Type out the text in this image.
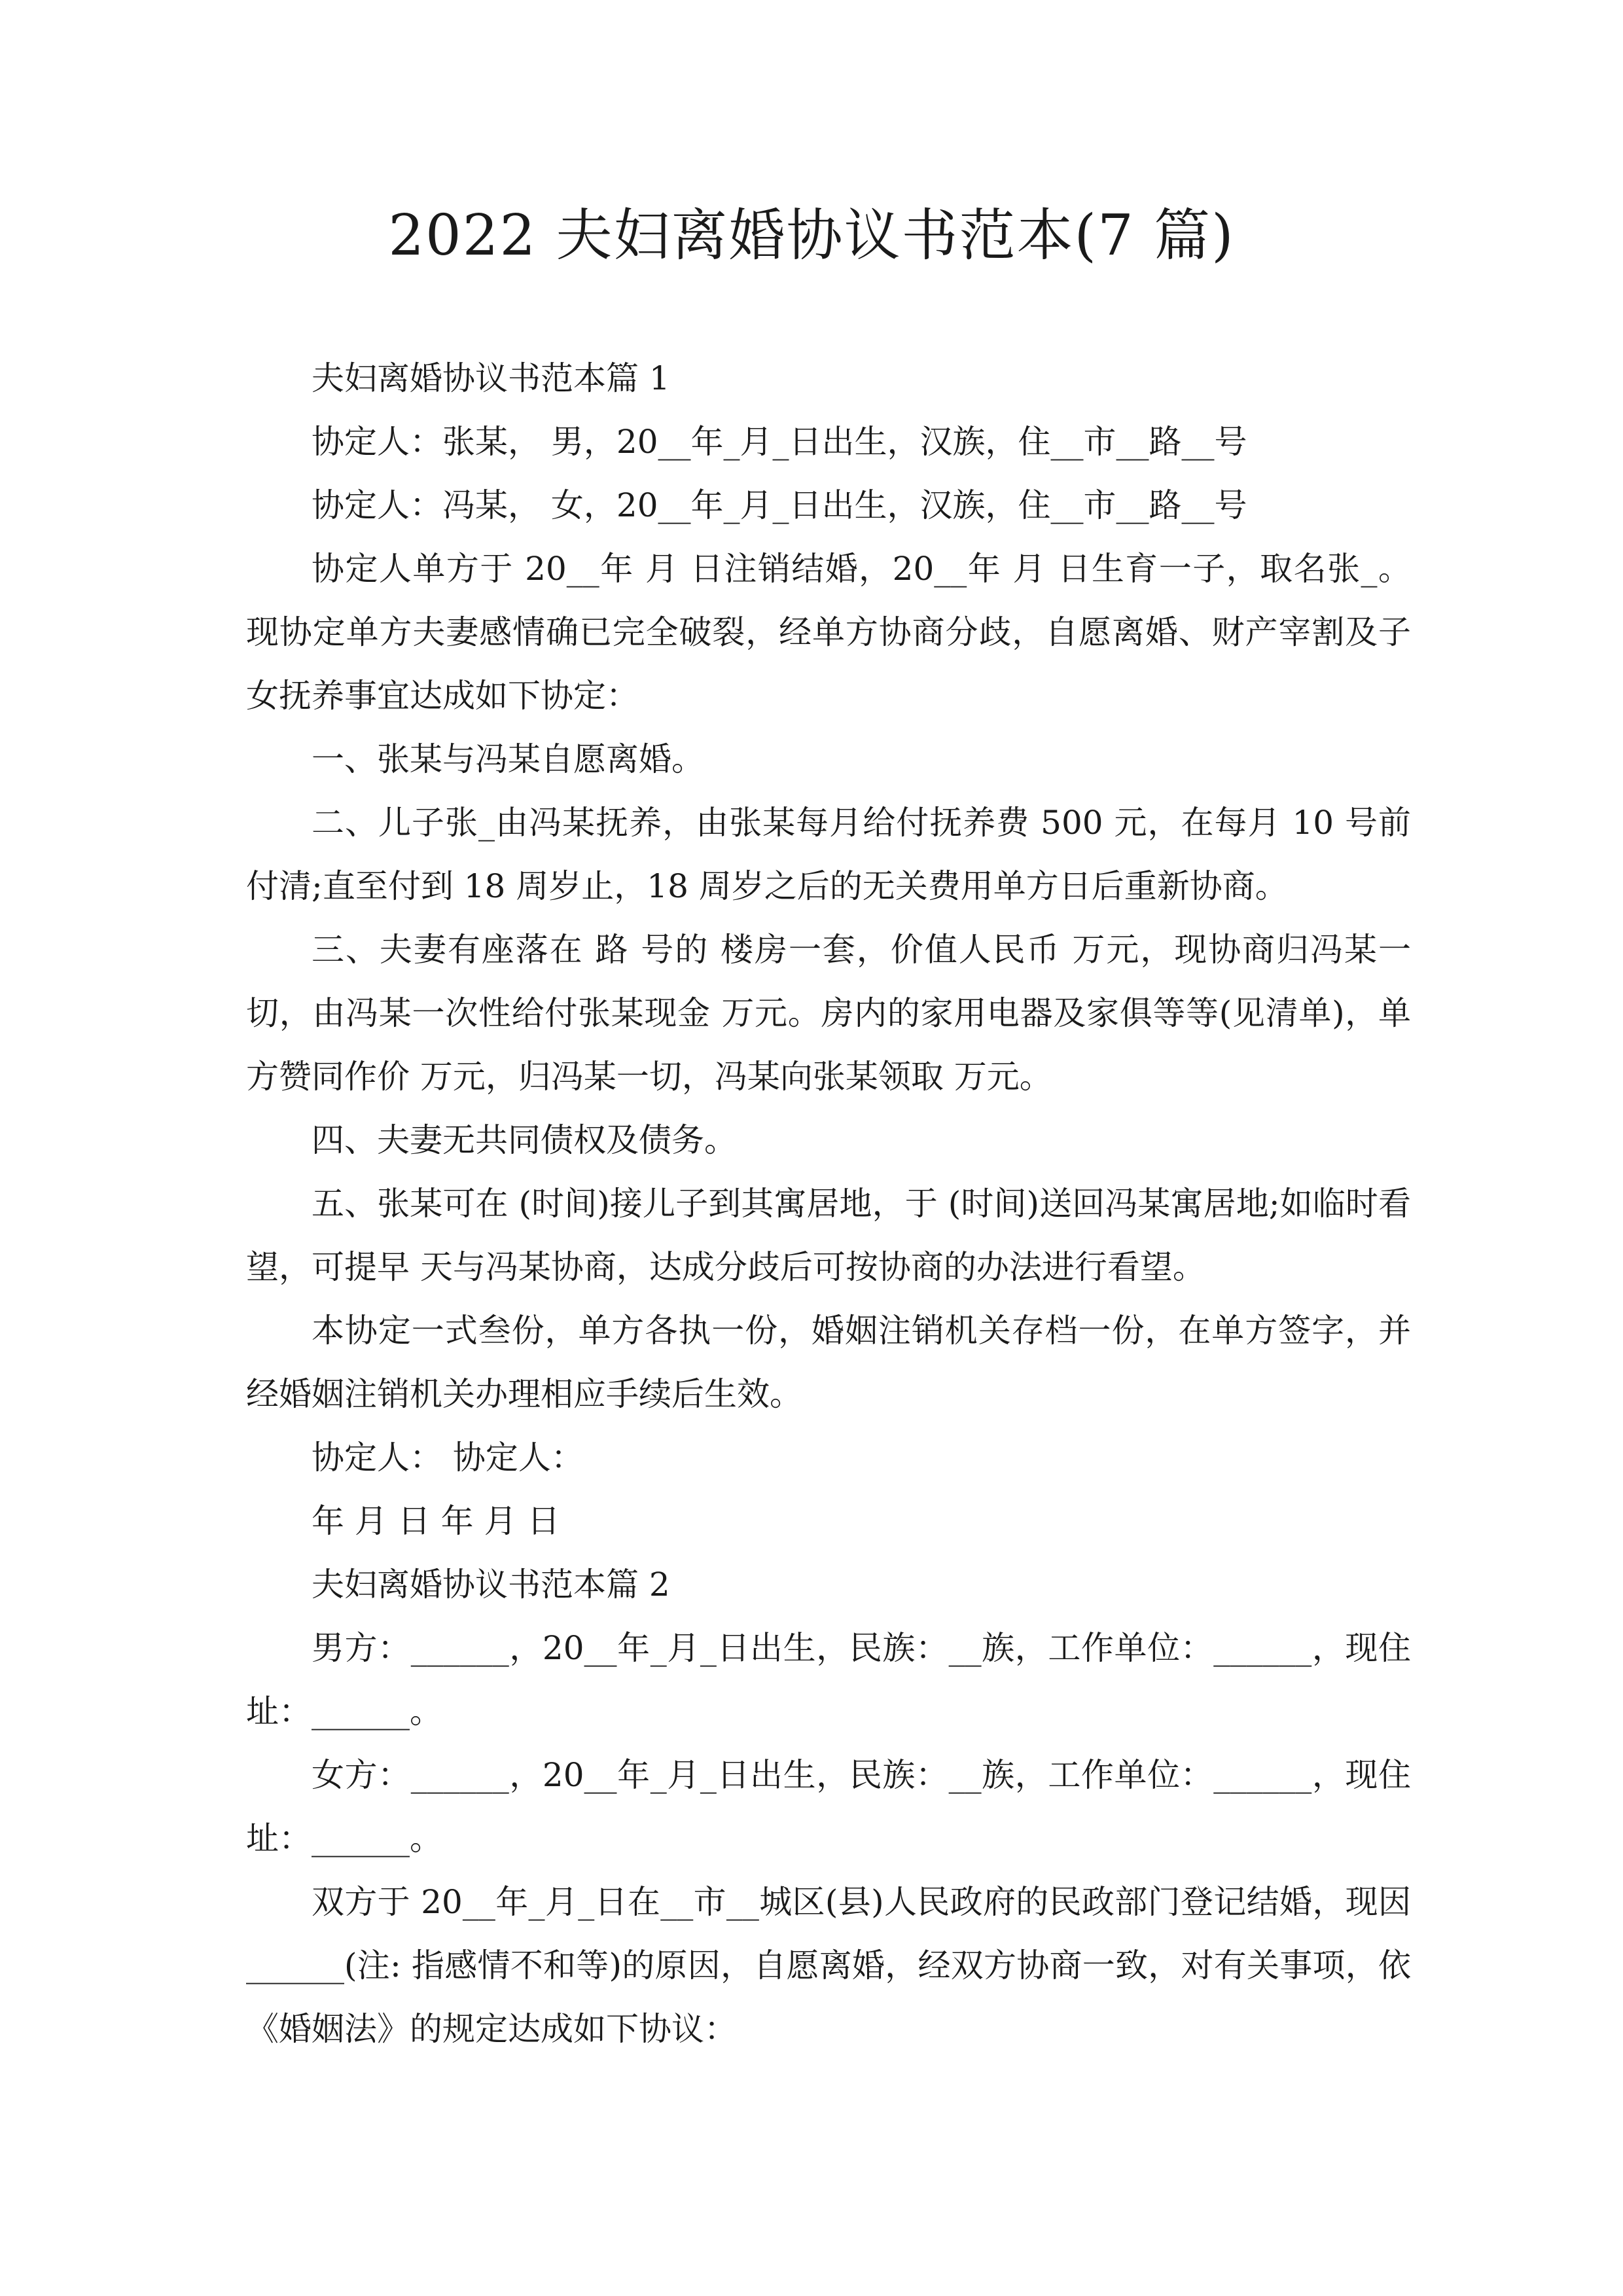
2022 夫妇离婚协议书范本(7 篇)

夫妇离婚协议书范本篇 1

协定人：张某， 男，20__年_月_日出生，汉族，住__市__路__号

协定人：冯某， 女，20__年_月_日出生，汉族，住__市__路__号

协定人单方于 20__年 月 日注销结婚，20__年 月 日生育一子，取名张_。现协定单方夫妻感情确已完全破裂，经单方协商分歧，自愿离婚、财产宰割及子女抚养事宜达成如下协定：

一、张某与冯某自愿离婚。

二、儿子张_由冯某抚养，由张某每月给付抚养费 500 元，在每月 10 号前付清;直至付到 18 周岁止，18 周岁之后的无关费用单方日后重新协商。

三、夫妻有座落在 路 号的 楼房一套，价值人民币 万元，现协商归冯某一切，由冯某一次性给付张某现金 万元。房内的家用电器及家俱等等(见清单)，单方赞同作价 万元，归冯某一切，冯某向张某领取 万元。

四、夫妻无共同债权及债务。

五、张某可在 (时间)接儿子到其寓居地，于 (时间)送回冯某寓居地;如临时看望，可提早 天与冯某协商，达成分歧后可按协商的办法进行看望。

本协定一式叁份，单方各执一份，婚姻注销机关存档一份，在单方签字，并经婚姻注销机关办理相应手续后生效。

协定人： 协定人：

年 月 日 年 月 日

夫妇离婚协议书范本篇 2

男方：______，20__年_月_日出生，民族：__族，工作单位：______，现住址：______。

女方：______，20__年_月_日出生，民族：__族，工作单位：______，现住址：______。

双方于 20__年_月_日在__市__城区(县)人民政府的民政部门登记结婚，现因______(注: 指感情不和等)的原因，自愿离婚，经双方协商一致，对有关事项，依《婚姻法》的规定达成如下协议：
